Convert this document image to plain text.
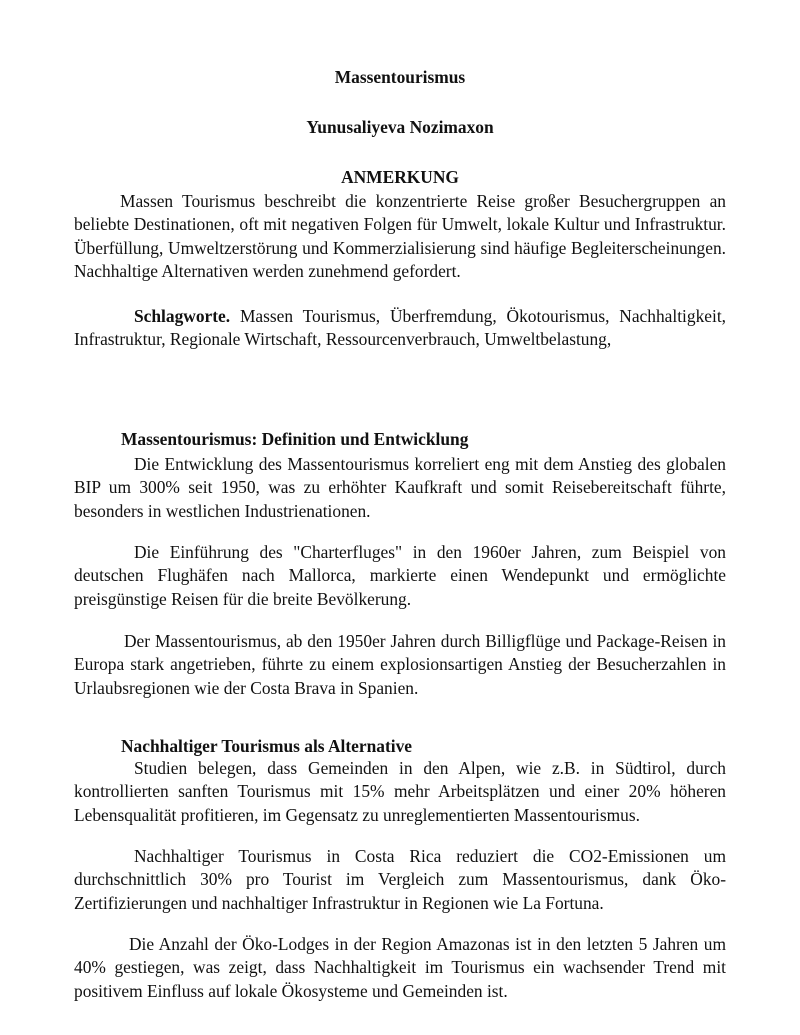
Massentourismus

Yunusaliyeva Nozimaxon

ANMERKUNG

Massen Tourismus beschreibt die konzentrierte Reise großer Besuchergruppen an beliebte Destinationen, oft mit negativen Folgen für Umwelt, lokale Kultur und Infrastruktur. Überfüllung, Umweltzerstörung und Kommerzialisierung sind häufige Begleiterscheinungen. Nachhaltige Alternativen werden zunehmend gefordert.

Schlagworte. Massen Tourismus, Überfremdung, Ökotourismus, Nachhaltigkeit, Infrastruktur, Regionale Wirtschaft, Ressourcenverbrauch, Umweltbelastung,

Massentourismus: Definition und Entwicklung

Die Entwicklung des Massentourismus korreliert eng mit dem Anstieg des globalen BIP um 300% seit 1950, was zu erhöhter Kaufkraft und somit Reisebereitschaft führte, besonders in westlichen Industrienationen.

Die Einführung des "Charterfluges" in den 1960er Jahren, zum Beispiel von deutschen Flughäfen nach Mallorca, markierte einen Wendepunkt und ermöglichte preisgünstige Reisen für die breite Bevölkerung.

Der Massentourismus, ab den 1950er Jahren durch Billigflüge und Package-Reisen in Europa stark angetrieben, führte zu einem explosionsartigen Anstieg der Besucherzahlen in Urlaubsregionen wie der Costa Brava in Spanien.

Nachhaltiger Tourismus als Alternative

Studien belegen, dass Gemeinden in den Alpen, wie z.B. in Südtirol, durch kontrollierten sanften Tourismus mit 15% mehr Arbeitsplätzen und einer 20% höheren Lebensqualität profitieren, im Gegensatz zu unreglementierten Massentourismus.

Nachhaltiger Tourismus in Costa Rica reduziert die CO2-Emissionen um durchschnittlich 30% pro Tourist im Vergleich zum Massentourismus, dank Öko-Zertifizierungen und nachhaltiger Infrastruktur in Regionen wie La Fortuna.

Die Anzahl der Öko-Lodges in der Region Amazonas ist in den letzten 5 Jahren um 40% gestiegen, was zeigt, dass Nachhaltigkeit im Tourismus ein wachsender Trend mit positivem Einfluss auf lokale Ökosysteme und Gemeinden ist.
